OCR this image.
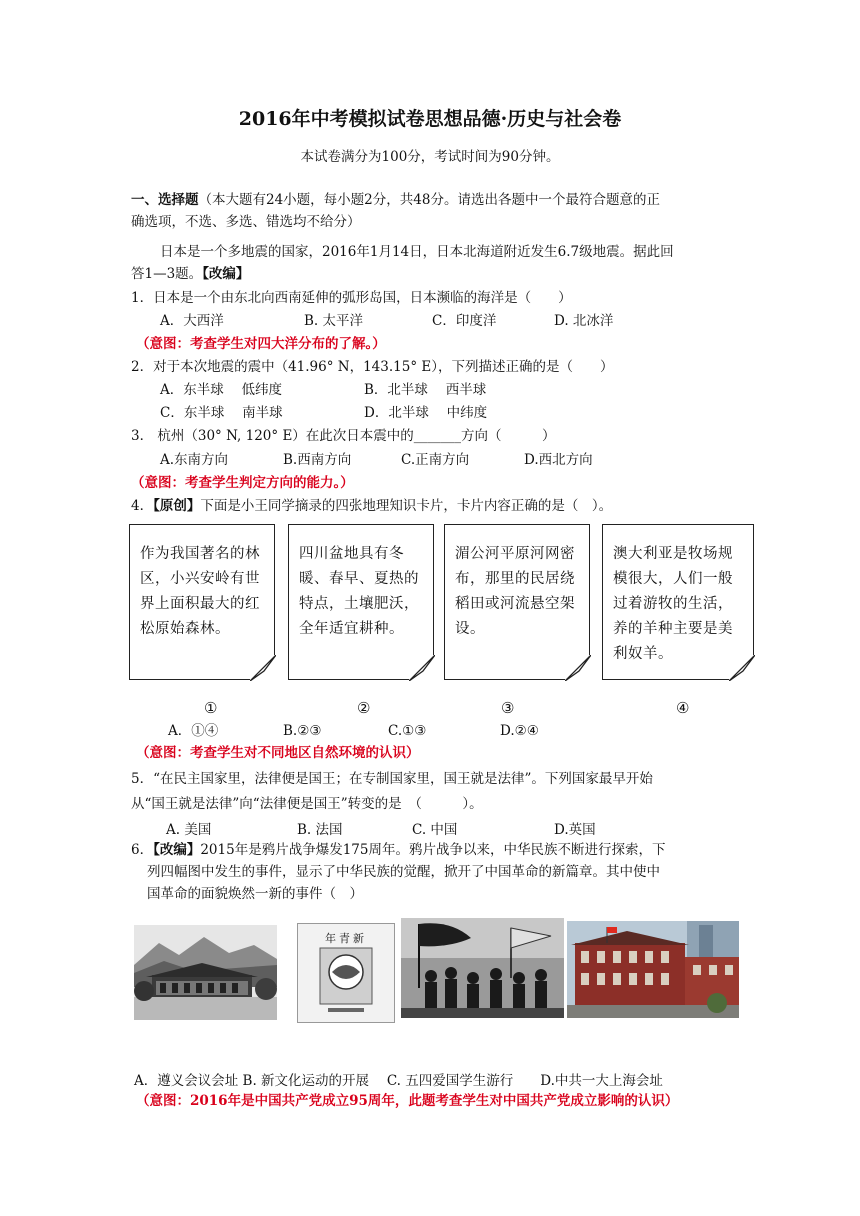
2016年中考模拟试卷思想品德·历史与社会卷
本试卷满分为100分，考试时间为90分钟。
一、选择题（本大题有24小题，每小题2分，共48分。请选出各题中一个最符合题意的正
确选项，不选、多选、错选均不给分）
日本是一个多地震的国家，2016年1月14日，日本北海道附近发生6.7级地震。据此回
答1—3题。【改编】
1．日本是一个由东北向西南延伸的弧形岛国，日本濒临的海洋是（　　）
A．大西洋	B. 太平洋	C．印度洋	D. 北冰洋
（意图：考查学生对四大洋分布的了解。）
2．对于本次地震的震中（41.96° N，143.15° E），下列描述正确的是（　　）
A．东半球　 低纬度	B．北半球　 西半球
C．东半球　 南半球	D．北半球　 中纬度
3． 杭州（30° N, 120° E）在此次日本震中的_______方向（　　　）
A.东南方向	B.西南方向	C.正南方向	D.西北方向
（意图：考查学生判定方向的能力。）
4．【原创】下面是小王同学摘录的四张地理知识卡片，卡片内容正确的是（　）。
作为我国著名的林区，小兴安岭有世界上面积最大的红松原始森林。
四川盆地具有冬暖、春早、夏热的特点，土壤肥沃，全年适宜耕种。
湄公河平原河网密布，那里的民居绕稻田或河流悬空架设。
澳大利亚是牧场规模很大，人们一般过着游牧的生活，养的羊种主要是美利奴羊。
①	②	③	④
A．①④	B.②③	C.①③	D.②④
（意图：考查学生对不同地区自然环境的认识）
5．“在民主国家里，法律便是国王；在专制国家里，国王就是法律”。下列国家最早开始
从“国王就是法律”向“法律便是国王”转变的是　（　　　）。
A. 美国	B. 法国	C. 中国	D.英国
6．【改编】2015年是鸦片战争爆发175周年。鸦片战争以来，中华民族不断进行探索，下
列四幅图中发生的事件，显示了中华民族的觉醒，掀开了中国革命的新篇章。其中使中
国革命的面貌焕然一新的事件（　）
年青新
A．遵义会议会址 B. 新文化运动的开展　 C. 五四爱国学生游行　　D.中共一大上海会址
（意图：2016年是中国共产党成立95周年，此题考查学生对中国共产党成立影响的认识）
